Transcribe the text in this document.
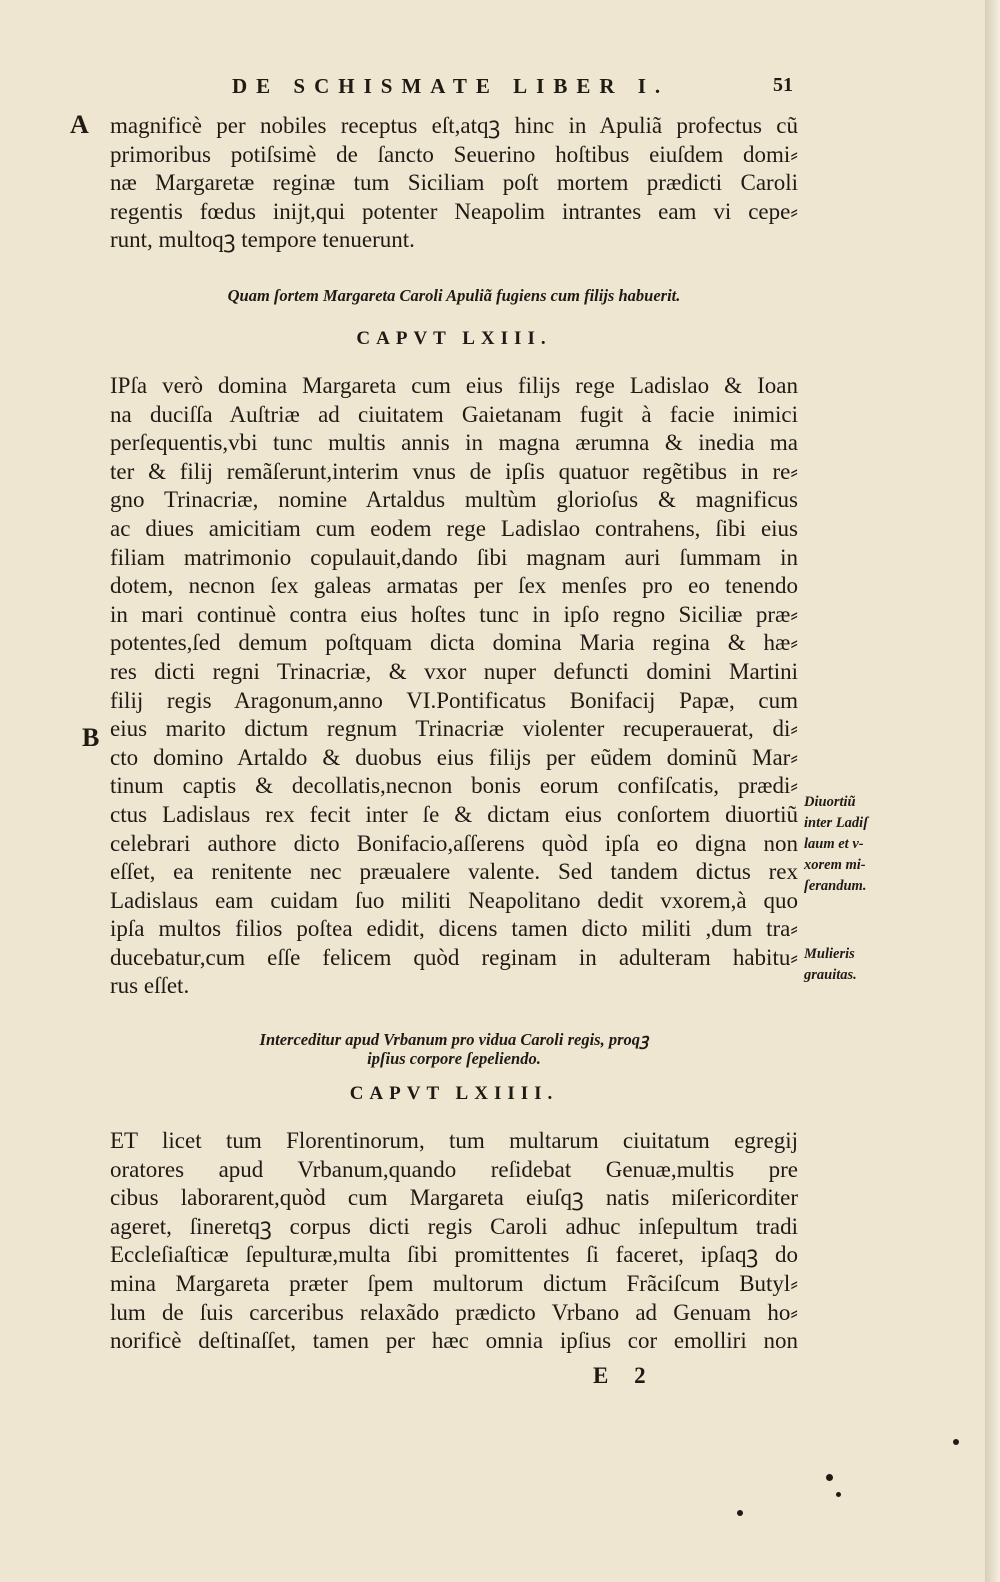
DE SCHISMATE LIBER I.	51
A
B
magnificè per nobiles receptus eſt,atqꝫ hinc in Apuliã profectus cũ
primoribus potiſsimè de ſancto Seuerino hoſtibus eiuſdem domi⸗
næ Margaretæ reginæ tum Siciliam poſt mortem prædicti Caroli
regentis fœdus inijt,qui potenter Neapolim intrantes eam vi cepe⸗
runt, multoqꝫ tempore tenuerunt.
Quam ſortem Margareta Caroli Apuliã fugiens cum filijs habuerit.
CAPVT LXIII.
IPſa verò domina Margareta cum eius filijs rege Ladislao & Ioan
na duciſſa Auſtriæ ad ciuitatem Gaietanam fugit à facie inimici
perſequentis,vbi tunc multis annis in magna ærumna & inedia ma
ter & filij remãſerunt,interim vnus de ipſis quatuor regẽtibus in re⸗
gno Trinacriæ, nomine Artaldus multùm glorioſus & magnificus
ac diues amicitiam cum eodem rege Ladislao contrahens, ſibi eius
filiam matrimonio copulauit,dando ſibi magnam auri ſummam in
dotem, necnon ſex galeas armatas per ſex menſes pro eo tenendo
in mari continuè contra eius hoſtes tunc in ipſo regno Siciliæ præ⸗
potentes,ſed demum poſtquam dicta domina Maria regina & hæ⸗
res dicti regni Trinacriæ, & vxor nuper defuncti domini Martini
filij regis Aragonum,anno VI.Pontificatus Bonifacij Papæ, cum
eius marito dictum regnum Trinacriæ violenter recuperauerat, di⸗
cto domino Artaldo & duobus eius filijs per eũdem dominũ Mar⸗
tinum captis & decollatis,necnon bonis eorum confiſcatis, prædi⸗
ctus Ladislaus rex fecit inter ſe & dictam eius conſortem diuortiũ
celebrari authore dicto Bonifacio,aſſerens quòd ipſa eo digna non
eſſet, ea renitente nec præualere valente. Sed tandem dictus rex
Ladislaus eam cuidam ſuo militi Neapolitano dedit vxorem,à quo
ipſa multos filios poſtea edidit, dicens tamen dicto militi ,dum tra⸗
ducebatur,cum eſſe felicem quòd reginam in adulteram habitu⸗
rus eſſet.
Diuortiũ
inter Ladiſ
laum et v-
xorem mi-
ſerandum.
Mulieris
grauitas.
Interceditur apud Vrbanum pro vidua Caroli regis, proqꝫ
ipſius corpore ſepeliendo.
CAPVT LXIIII.
ET licet tum Florentinorum, tum multarum ciuitatum egregij
oratores apud Vrbanum,quando reſidebat Genuæ,multis pre
cibus laborarent,quòd cum Margareta eiuſqꝫ natis miſericorditer
ageret, ſineretqꝫ corpus dicti regis Caroli adhuc inſepultum tradi
Eccleſiaſticæ ſepulturæ,multa ſibi promittentes ſi faceret, ipſaqꝫ do
mina Margareta præter ſpem multorum dictum Frãciſcum Butyl⸗
lum de ſuis carceribus relaxãdo prædicto Vrbano ad Genuam ho⸗
norificè deſtinaſſet, tamen per hæc omnia ipſius cor emolliri non
E 2
